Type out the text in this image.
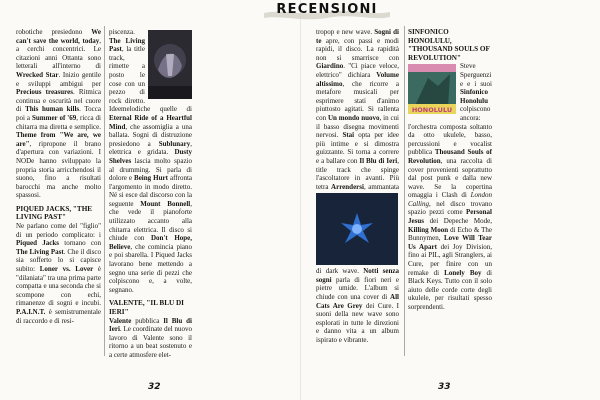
RECENSIONI

robotiche presiedono We can't save the world, today, a cerchi concentrici. Le citazioni anni Ottanta sono letterali all'interno di Wrecked Star. Inizio gentile e sviluppi ambigui per Precious treasures. Ritmica continua e oscurità nel cuore di This human kills. Tocca poi a Summer of '69, ricca di chitarra ma diretta e semplice. Theme from "We are, we are", ripropone il brano d'apertura con variazioni. I NODe hanno sviluppato la propria storia arricchendosi il suono, fino a risultati barocchi ma anche molto spassosi.

PIQUED JACKS, "THE LIVING PAST"

Ne parlano come del "figlio" di un periodo complicato: i Piqued Jacks tornano con The Living Past. Che il disco sia sofferto lo si capisce subito: Loner vs. Lover è "dilaniata" tra una prima parte compatta e una seconda che si scompone con echi, rimanenze di sogni e incubi. P.A.I.N.T. è semistrumentale di raccordo e di resi-

piscenza. The Living Past, la title track, rimette a posto le cose con un pezzo di rock diretto. Ideemelodiche quelle di Eternal Ride of a Heartful Mind, che assomiglia a una ballata. Sogni di distruzione presiedono a Sublunary, elettrica e gridata. Dusty Shelves lascia molto spazio al drumming. Si parla di dolore e Being Hurt affronta l'argomento in modo diretto. Né si esce dal discorso con la seguente Mount Bonnell, che vede il pianoforte utilizzato accanto alla chitarra elettrica. Il disco si chiude con Don't Hope, Believe, che comincia piano e poi sbarella. I Piqued Jacks lavorano bene mettendo a segno una serie di pezzi che colpiscono e, a volte, segnano.

VALENTE, "IL BLU DI IERI"

Valente pubblica Il Blu di Ieri. Le coordinate del nuovo lavoro di Valente sono il ritorno a un beat sostenuto e a certe atmosfere elet-

tropop e new wave. Sogni di te apre, con passi e modi rapidi, il disco. La rapidità non si smarrisce con Giardino. "Ci piace veloce, elettrico" dichiara Volume altissimo, che ricorre a metafore musicali per esprimere stati d'animo piuttosto agitati. Si rallenta con Un mondo nuovo, in cui il basso disegna movimenti nervosi. Stai opta per idee più intime e si dimostra guizzante. Si torna a correre e a ballare con Il Blu di Ieri, title track che spinge l'ascoltatore in avanti. Più tetra
Arrendersi, ammantata di dark wave. Notti senza sogni parla di fiori neri e pietre umide. L'album si chiude con una cover di All Cats Are Grey dei Cure. I suoni della new wave sono esplorati in tutte le direzioni e danno vita a un album ispirato e vibrante.

SINFONICO HONOLULU, "THOUSAND SOULS OF REVOLUTION"

HONOLULU
Steve Sperguenzie e i suoi Sinfonico Honolulu colpiscono ancora: l'orchestra composta soltanto da otto ukulele, basso, percussioni e vocalist pubblica Thousand Souls of Revolution, una raccolta di cover provenienti soprattutto dal post punk e dalla new wave. Se la copertina omaggia i Clash di London Calling, nel disco trovano spazio pezzi come Personal Jesus dei Depeche Mode, Killing Moon di Echo & The Bunnymen, Love Will Tear Us Apart dei Joy Division, fino ai PIL, agli Stranglers, ai Cure, per finire con un remake di Lonely Boy di Black Keys. Tutto con il solo aiuto delle corde corte degli ukulele, per risultati spesso sorprendenti.

32	33
